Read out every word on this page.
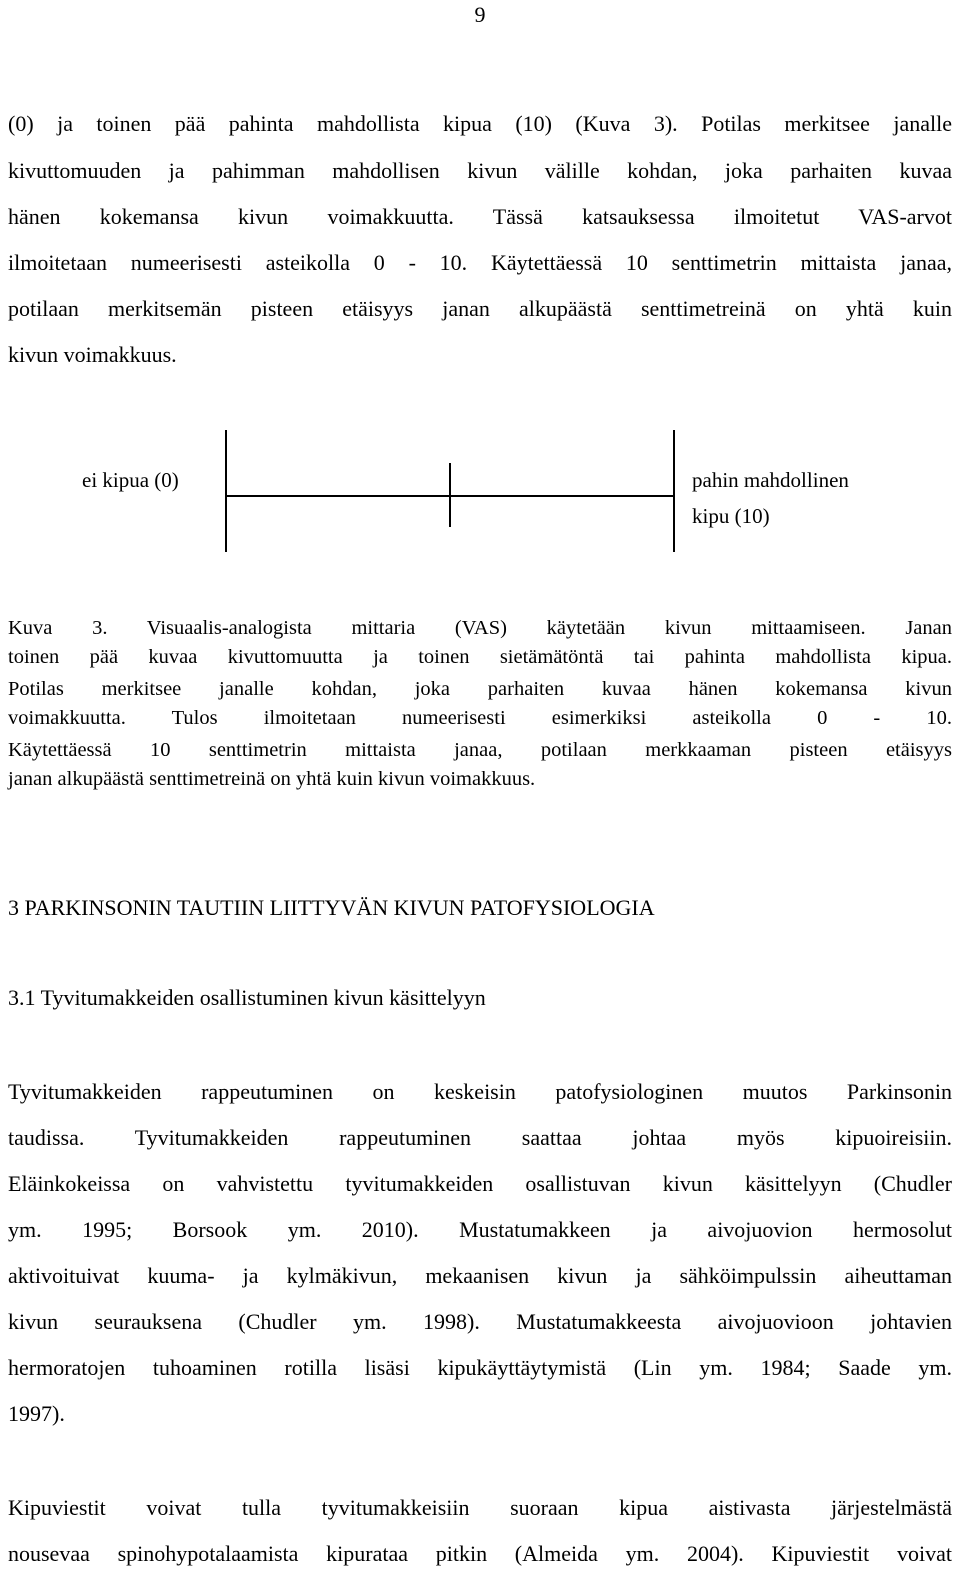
9
(0) ja toinen pää pahinta mahdollista kipua (10) (Kuva 3). Potilas merkitsee janalle
kivuttomuuden ja pahimman mahdollisen kivun välille kohdan, joka parhaiten kuvaa
hänen kokemansa kivun voimakkuutta. Tässä katsauksessa ilmoitetut VAS-arvot
ilmoitetaan numeerisesti asteikolla 0 - 10. Käytettäessä 10 senttimetrin mittaista janaa,
potilaan merkitsemän pisteen etäisyys janan alkupäästä senttimetreinä on yhtä kuin
kivun voimakkuus.
ei kipua (0)	pahin mahdollinen
kipu (10)
Kuva 3. Visuaalis-analogista mittaria (VAS) käytetään kivun mittaamiseen. Janan
toinen pää kuvaa kivuttomuutta ja toinen sietämätöntä tai pahinta mahdollista kipua.
Potilas merkitsee janalle kohdan, joka parhaiten kuvaa hänen kokemansa kivun
voimakkuutta. Tulos ilmoitetaan numeerisesti esimerkiksi asteikolla 0 - 10.
Käytettäessä 10 senttimetrin mittaista janaa, potilaan merkkaaman pisteen etäisyys
janan alkupäästä senttimetreinä on yhtä kuin kivun voimakkuus.
3 PARKINSONIN TAUTIIN LIITTYVÄN KIVUN PATOFYSIOLOGIA
3.1 Tyvitumakkeiden osallistuminen kivun käsittelyyn
Tyvitumakkeiden rappeutuminen on keskeisin patofysiologinen muutos Parkinsonin
taudissa. Tyvitumakkeiden rappeutuminen saattaa johtaa myös kipuoireisiin.
Eläinkokeissa on vahvistettu tyvitumakkeiden osallistuvan kivun käsittelyyn (Chudler
ym. 1995; Borsook ym. 2010). Mustatumakkeen ja aivojuovion hermosolut
aktivoituivat kuuma- ja kylmäkivun, mekaanisen kivun ja sähköimpulssin aiheuttaman
kivun seurauksena (Chudler ym. 1998). Mustatumakkeesta aivojuovioon johtavien
hermoratojen tuhoaminen rotilla lisäsi kipukäyttäytymistä (Lin ym. 1984; Saade ym.
1997).
Kipuviestit voivat tulla tyvitumakkeisiin suoraan kipua aistivasta järjestelmästä
nousevaa spinohypotalaamista kipurataa pitkin (Almeida ym. 2004). Kipuviestit voivat
